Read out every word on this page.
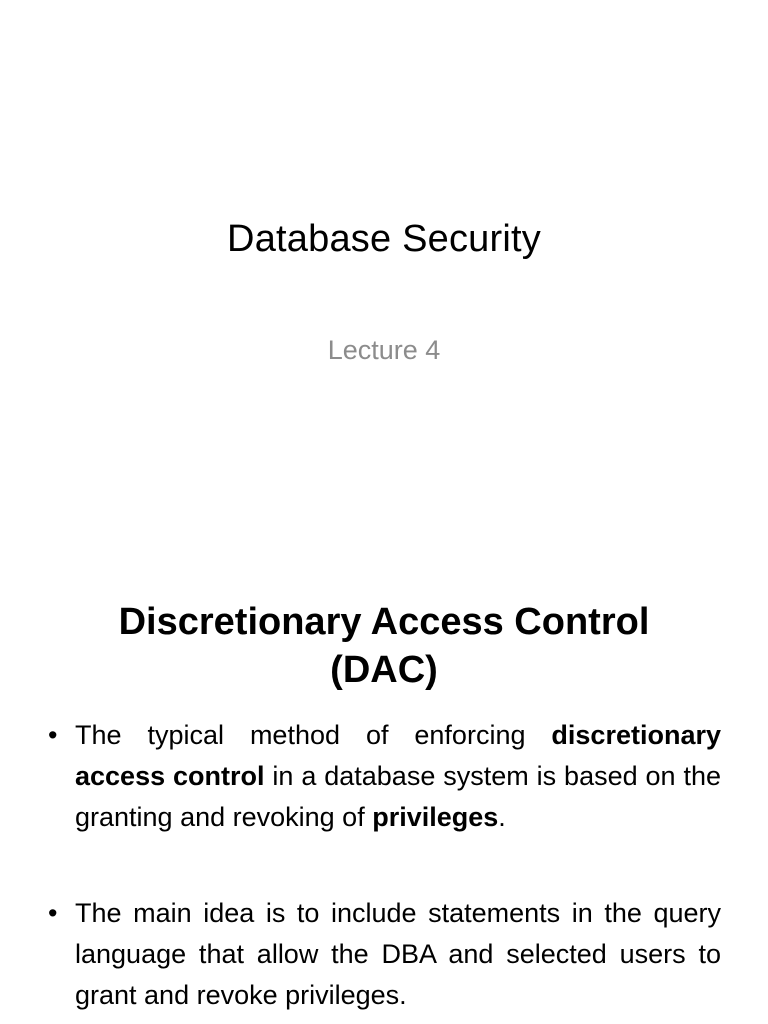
Database Security

Lecture 4

Discretionary Access Control
(DAC)
• The typical method of enforcing discretionary access control in a database system is based on the granting and revoking of privileges.
• The main idea is to include statements in the query language that allow the DBA and selected users to grant and revoke privileges.
